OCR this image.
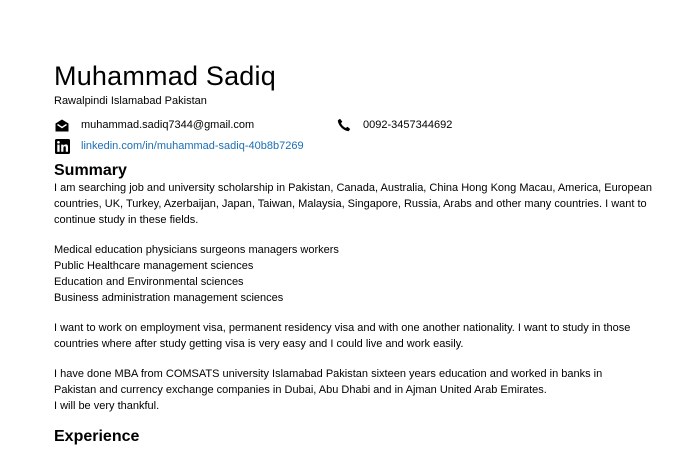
Muhammad Sadiq
Rawalpindi Islamabad Pakistan
muhammad.sadiq7344@gmail.com	0092-3457344692
linkedin.com/in/muhammad-sadiq-40b8b7269
Summary

I am searching job and university scholarship in Pakistan, Canada, Australia, China Hong Kong Macau, America, European countries, UK, Turkey, Azerbaijan, Japan, Taiwan, Malaysia, Singapore, Russia, Arabs and other many countries. I want to continue study in these fields.

Medical education physicians surgeons managers workers

Public Healthcare management sciences

Education and Environmental sciences

Business administration management sciences

I want to work on employment visa, permanent residency visa and with one another nationality. I want to study in those countries where after study getting visa is very easy and I could live and work easily.

I have done MBA from COMSATS university Islamabad Pakistan sixteen years education and worked in banks in

Pakistan and currency exchange companies in Dubai, Abu Dhabi and in Ajman United Arab Emirates.

I will be very thankful.

Experience
